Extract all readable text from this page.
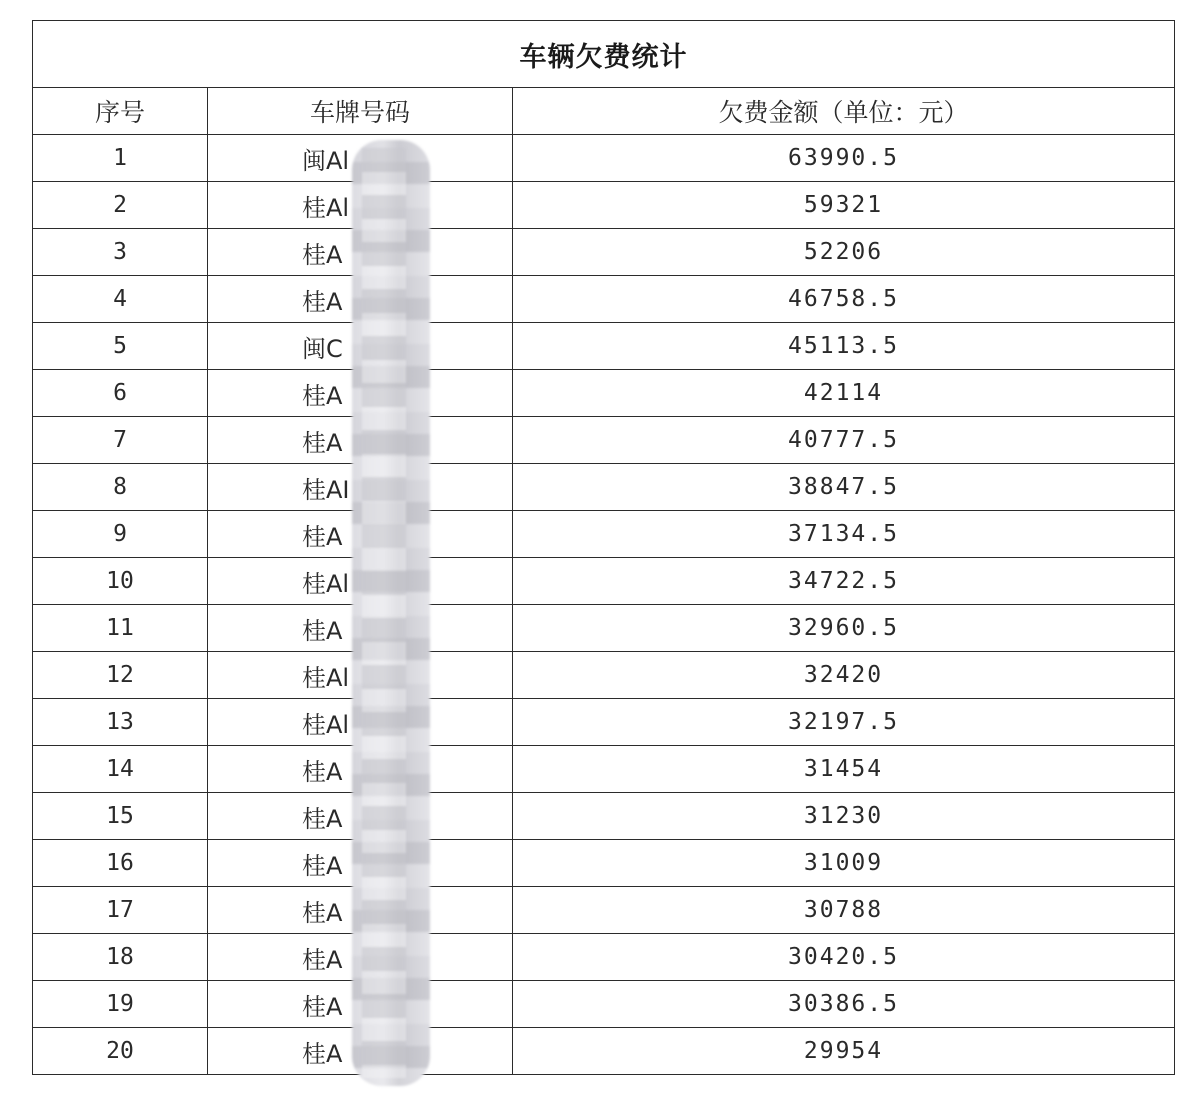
车辆欠费统计		
序号	车牌号码	欠费金额（单位：元）
1	闽Al	63990.5
2	桂Al	59321
3	桂A	52206
4	桂A	46758.5
5	闽C	45113.5
6	桂A	42114
7	桂A	40777.5
8	桂AI	38847.5
9	桂A	37134.5
10	桂Al	34722.5
11	桂A	32960.5
12	桂Al	32420
13	桂Al	32197.5
14	桂A	31454
15	桂A	31230
16	桂A	31009
17	桂A	30788
18	桂A	30420.5
19	桂A	30386.5
20	桂A	29954
